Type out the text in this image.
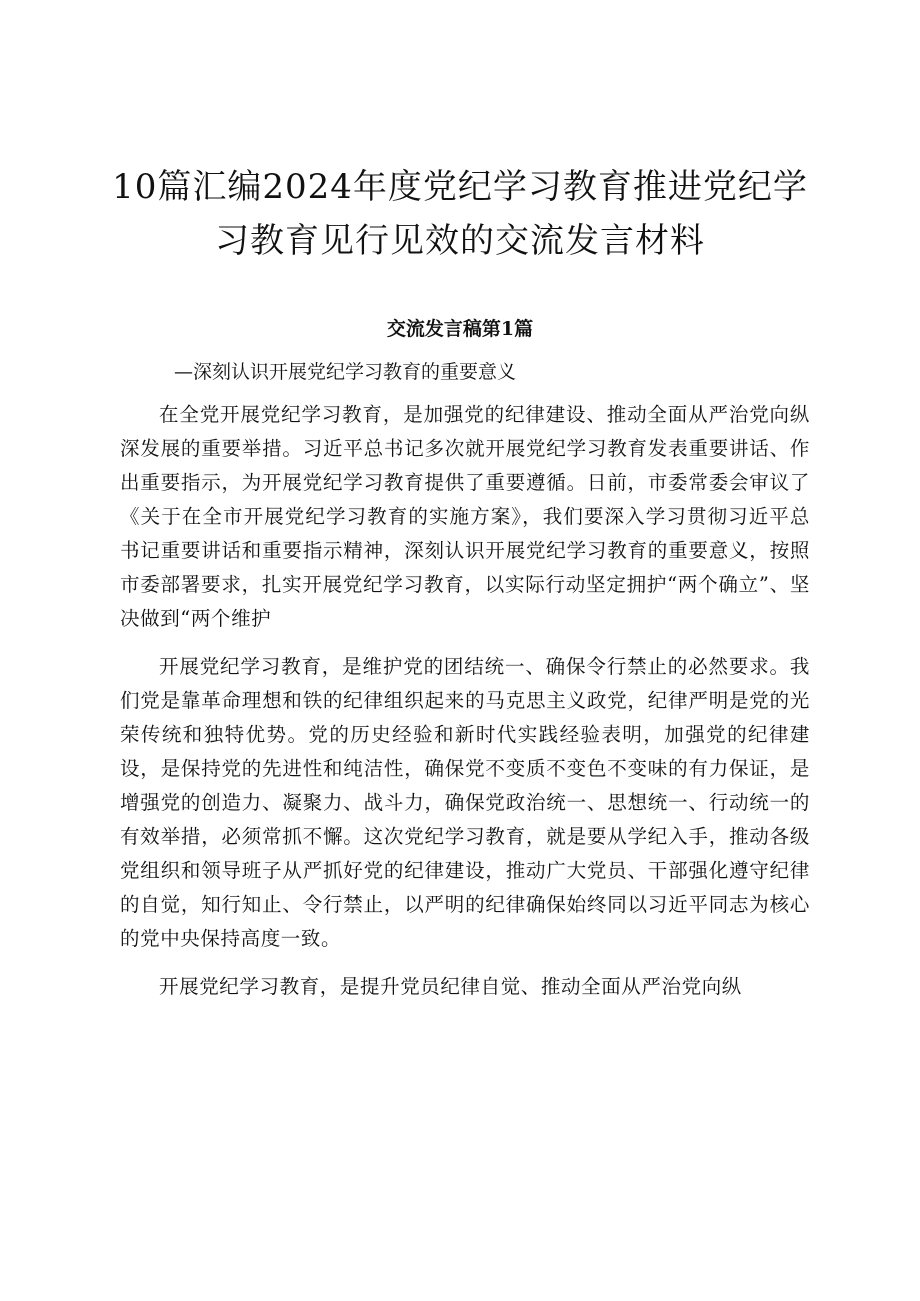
10篇汇编2024年度党纪学习教育推进党纪学
习教育见行见效的交流发言材料
交流发言稿第1篇

—深刻认识开展党纪学习教育的重要意义

在全党开展党纪学习教育，是加强党的纪律建设、推动全面从严治党向纵深发展的重要举措。习近平总书记多次就开展党纪学习教育发表重要讲话、作出重要指示，为开展党纪学习教育提供了重要遵循。日前，市委常委会审议了《关于在全市开展党纪学习教育的实施方案》，我们要深入学习贯彻习近平总书记重要讲话和重要指示精神，深刻认识开展党纪学习教育的重要意义，按照市委部署要求，扎实开展党纪学习教育，以实际行动坚定拥护“两个确立”、坚决做到“两个维护

开展党纪学习教育，是维护党的团结统一、确保令行禁止的必然要求。我们党是靠革命理想和铁的纪律组织起来的马克思主义政党，纪律严明是党的光荣传统和独特优势。党的历史经验和新时代实践经验表明，加强党的纪律建设，是保持党的先进性和纯洁性，确保党不变质不变色不变味的有力保证，是增强党的创造力、凝聚力、战斗力，确保党政治统一、思想统一、行动统一的有效举措，必须常抓不懈。这次党纪学习教育，就是要从学纪入手，推动各级党组织和领导班子从严抓好党的纪律建设，推动广大党员、干部强化遵守纪律的自觉，知行知止、令行禁止，以严明的纪律确保始终同以习近平同志为核心的党中央保持高度一致。

开展党纪学习教育，是提升党员纪律自觉、推动全面从严治党向纵
